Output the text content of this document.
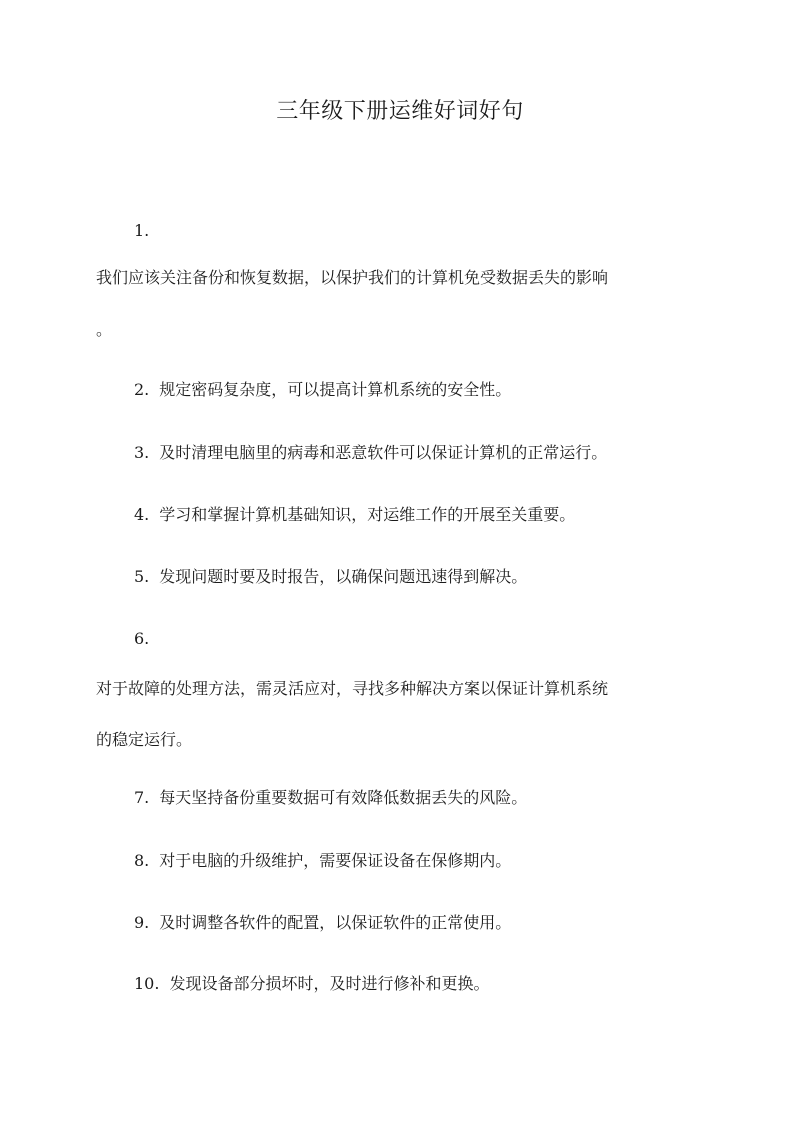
三年级下册运维好词好句
1.
我们应该关注备份和恢复数据，以保护我们的计算机免受数据丢失的影响
。
2. 规定密码复杂度，可以提高计算机系统的安全性。
3. 及时清理电脑里的病毒和恶意软件可以保证计算机的正常运行。
4. 学习和掌握计算机基础知识，对运维工作的开展至关重要。
5. 发现问题时要及时报告，以确保问题迅速得到解决。
6.
对于故障的处理方法，需灵活应对，寻找多种解决方案以保证计算机系统
的稳定运行。
7. 每天坚持备份重要数据可有效降低数据丢失的风险。
8. 对于电脑的升级维护，需要保证设备在保修期内。
9. 及时调整各软件的配置，以保证软件的正常使用。
10. 发现设备部分损坏时，及时进行修补和更换。
